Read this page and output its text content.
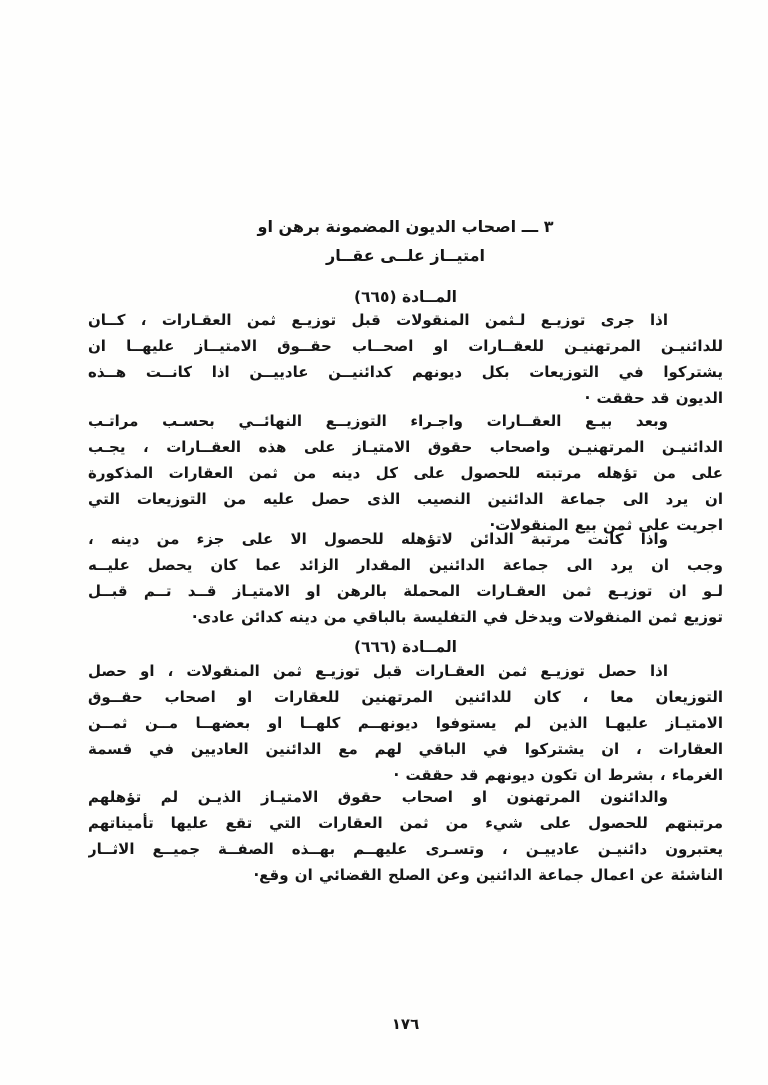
٣ ـــ اصحاب الديون المضمونة برهن او
امتيــاز علــى عقــار
المــادة (٦٦٥)
اذا جرى توزيـع لـثمن المنقولات قبل توزيـع ثمن العقـارات ، كــان
للدائنيـن المرتهنيـن للعقــارات او اصحــاب حقــوق الامتيــاز عليهــا ان
يشتركوا في التوزيعات بكل ديونهم كدائنيــن عادييــن اذا كانــت هــذه
الديون قد حققت ·
وبعد بيـع العقــارات واجـراء التوزيــع النهائــي بحسـب مراتـب
الدائنيـن المرتهنيـن واصحاب حقوق الامتيـاز على هذه العقــارات ، يجـب
على من تؤهله مرتبته للحصول على كل دينه من ثمن العقارات المذكورة
ان يرد الى جماعة الدائنين النصيب الذى حصل عليه من التوزيعات التي
اجريت على ثمن بيع المنقولات·
واذا كانت مرتبة الدائن لاتؤهله للحصول الا على جزء من دينه ،
وجب ان يرد الى جماعة الدائنين المقدار الزائد عما كان يحصل عليــه
لـو ان توزيـع ثمن العقـارات المحملة بالرهن او الامتيـاز قــد تــم قبــل
توزيع ثمن المنقولات ويدخل في التفليسة بالباقي من دينه كدائن عادى·
المــادة (٦٦٦)
اذا حصل توزيـع ثمن العقـارات قبل توزيـع ثمن المنقولات ، او حصل
التوزيعان معا ، كان للدائنين المرتهنين للعقارات او اصحاب حقــوق
الامتيـاز عليهـا الذين لم يستوفوا ديونهــم كلهــا او بعضهــا مــن ثمــن
العقارات ، ان يشتركوا في الباقي لهم مع الدائنين العاديين في قسمة
الغرماء ، بشرط ان تكون ديونهم قد حققت ·
والدائنون المرتهنون او اصحاب حقوق الامتيـاز الذيـن لم تؤهلهم
مرتبتهم للحصول على شيء من ثمن العقارات التي تقع عليها تأميناتهم
يعتبرون دائنيـن عادييـن ، وتسـرى عليهــم بهــذه الصفــة جميــع الاثــار
الناشئة عن اعمال جماعة الدائنين وعن الصلح القضائي ان وقع·
١٧٦
